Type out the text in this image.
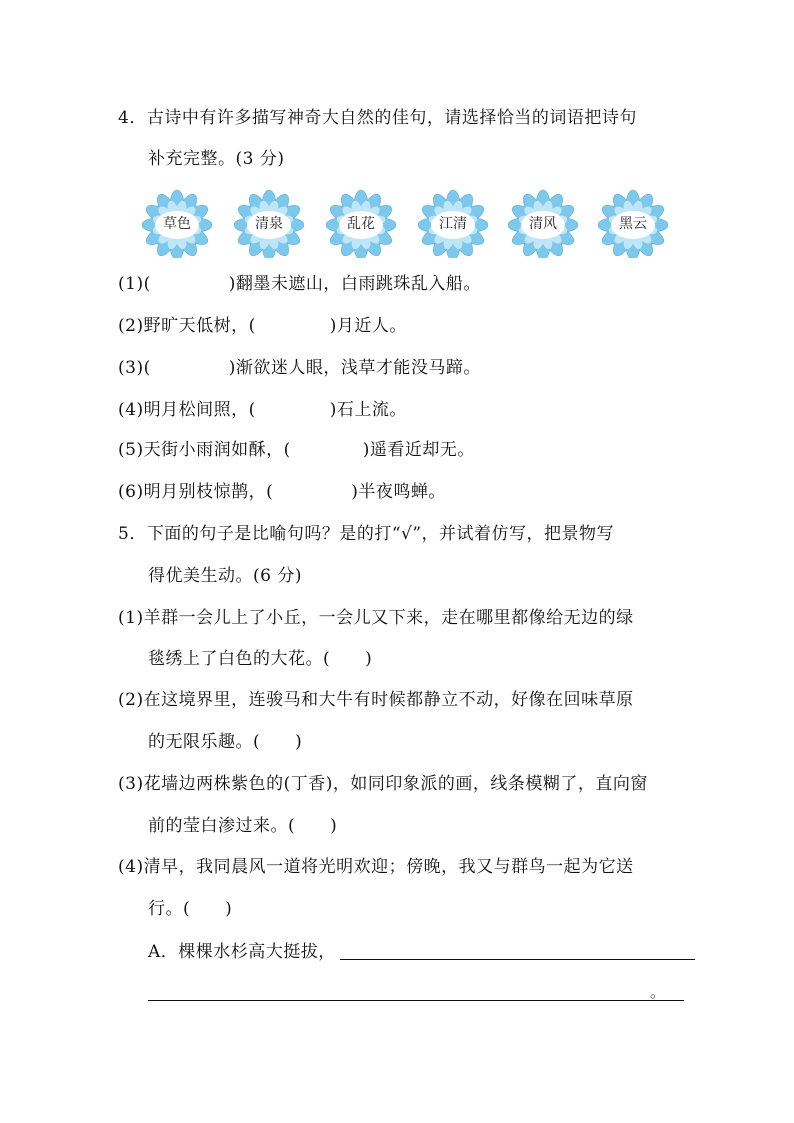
4．古诗中有许多描写神奇大自然的佳句，请选择恰当的词语把诗句
补充完整。(3 分)
草色	清泉	乱花	江清	清风	黑云
(1)(	)翻墨未遮山，白雨跳珠乱入船。
(2)野旷天低树，(	)月近人。
(3)(	)渐欲迷人眼，浅草才能没马蹄。
(4)明月松间照，(	)石上流。
(5)天街小雨润如酥，(	)遥看近却无。
(6)明月别枝惊鹊，(	)半夜鸣蝉。
5．下面的句子是比喻句吗？是的打“√”，并试着仿写，把景物写
得优美生动。(6 分)
(1)羊群一会儿上了小丘，一会儿又下来，走在哪里都像给无边的绿
毯绣上了白色的大花。(　　)
(2)在这境界里，连骏马和大牛有时候都静立不动，好像在回味草原
的无限乐趣。(　　)
(3)花墙边两株紫色的(丁香)，如同印象派的画，线条模糊了，直向窗
前的莹白渗过来。(　　)
(4)清早，我同晨风一道将光明欢迎；傍晚，我又与群鸟一起为它送
行。(　　)
A．棵棵水杉高大挺拔，
。
